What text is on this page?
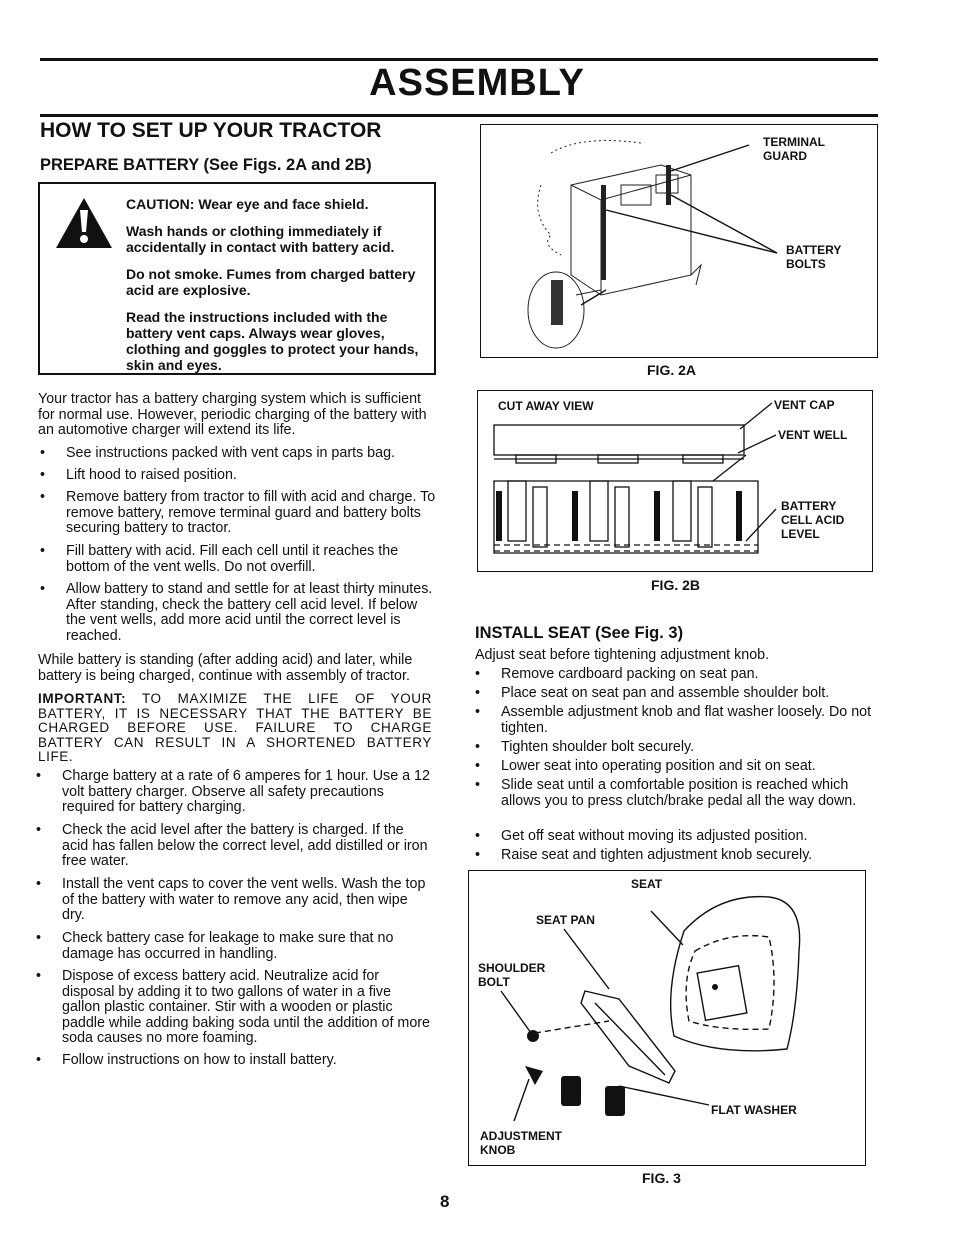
ASSEMBLY
HOW TO SET UP YOUR TRACTOR
PREPARE BATTERY (See Figs. 2A and 2B)

CAUTION: Wear eye and face shield.

Wash hands or clothing immediately if accidentally in contact with battery acid.

Do not smoke. Fumes from charged battery acid are explosive.

Read the instructions included with the battery vent caps. Always wear gloves, clothing and goggles to protect your hands, skin and eyes.

Your tractor has a battery charging system which is sufficient for normal use. However, periodic charging of the battery with an automotive charger will extend its life.
• See instructions packed with vent caps in parts bag.
• Lift hood to raised position.
• Remove battery from tractor to fill with acid and charge. To remove battery, remove terminal guard and battery bolts securing battery to tractor.
• Fill battery with acid. Fill each cell until it reaches the bottom of the vent wells. Do not overfill.
• Allow battery to stand and settle for at least thirty minutes. After standing, check the battery cell acid level. If below the vent wells, add more acid until the correct level is reached.
While battery is standing (after adding acid) and later, while battery is being charged, continue with assembly of tractor.
IMPORTANT: TO MAXIMIZE THE LIFE OF YOUR BATTERY, IT IS NECESSARY THAT THE BATTERY BE CHARGED BEFORE USE. FAILURE TO CHARGE BATTERY CAN RESULT IN A SHORTENED BATTERY LIFE.
• Charge battery at a rate of 6 amperes for 1 hour. Use a 12 volt battery charger. Observe all safety precautions required for battery charging.
• Check the acid level after the battery is charged. If the acid has fallen below the correct level, add distilled or iron free water.
• Install the vent caps to cover the vent wells. Wash the top of the battery with water to remove any acid, then wipe dry.
• Check battery case for leakage to make sure that no damage has occurred in handling.
• Dispose of excess battery acid. Neutralize acid for disposal by adding it to two gallons of water in a five gallon plastic container. Stir with a wooden or plastic paddle while adding baking soda until the addition of more soda causes no more foaming.
• Follow instructions on how to install battery.
TERMINAL
GUARD
BATTERY
BOLTS
FIG. 2A
CUT AWAY VIEW	VENT CAP
VENT WELL
BATTERY
CELL ACID
LEVEL
FIG. 2B
INSTALL SEAT (See Fig. 3)
Adjust seat before tightening adjustment knob.
• Remove cardboard packing on seat pan.
• Place seat on seat pan and assemble shoulder bolt.
• Assemble adjustment knob and flat washer loosely. Do not tighten.
• Tighten shoulder bolt securely.
• Lower seat into operating position and sit on seat.
• Slide seat until a comfortable position is reached which allows you to press clutch/brake pedal all the way down.
• Get off seat without moving its adjusted position.
• Raise seat and tighten adjustment knob securely.
SEAT
SEAT PAN
SHOULDER
BOLT
FLAT WASHER
ADJUSTMENT
KNOB
FIG. 3
8
